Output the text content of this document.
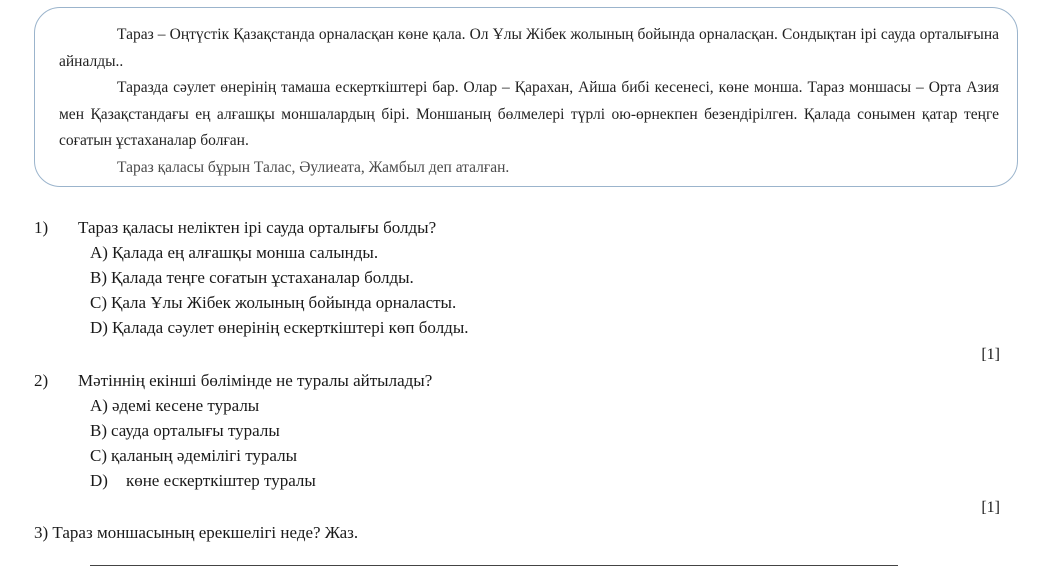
Тараз – Оңтүстік Қазақстанда орналасқан көне қала. Ол Ұлы Жібек жолының бойында орналасқан. Сондықтан ірі сауда орталығына айналды..

Таразда сәулет өнерінің тамаша ескерткіштері бар. Олар – Қарахан, Айша бибі кесенесі, көне монша. Тараз моншасы – Орта Азия мен Қазақстандағы ең алғашқы моншалардың бірі. Моншаның бөлмелері түрлі ою-өрнекпен безендірілген. Қалада сонымен қатар теңге соғатын ұстаханалар болған.

Тараз қаласы бұрын Талас, Әулиеата, Жамбыл деп аталған.

1) Тараз қаласы неліктен ірі сауда орталығы болды?
A) Қалада ең алғашқы монша салынды.
B) Қалада теңге соғатын ұстаханалар болды.
C) Қала Ұлы Жібек жолының бойында орналасты.
D) Қалада сәулет өнерінің ескерткіштері көп болды.
[1]
2) Мәтіннің екінші бөлімінде не туралы айтылады?
A) әдемі кесене туралы
B) сауда орталығы туралы
C) қаланың әдемілігі туралы
D) көне ескерткіштер туралы
[1]
3) Тараз моншасының ерекшелігі неде? Жаз.
